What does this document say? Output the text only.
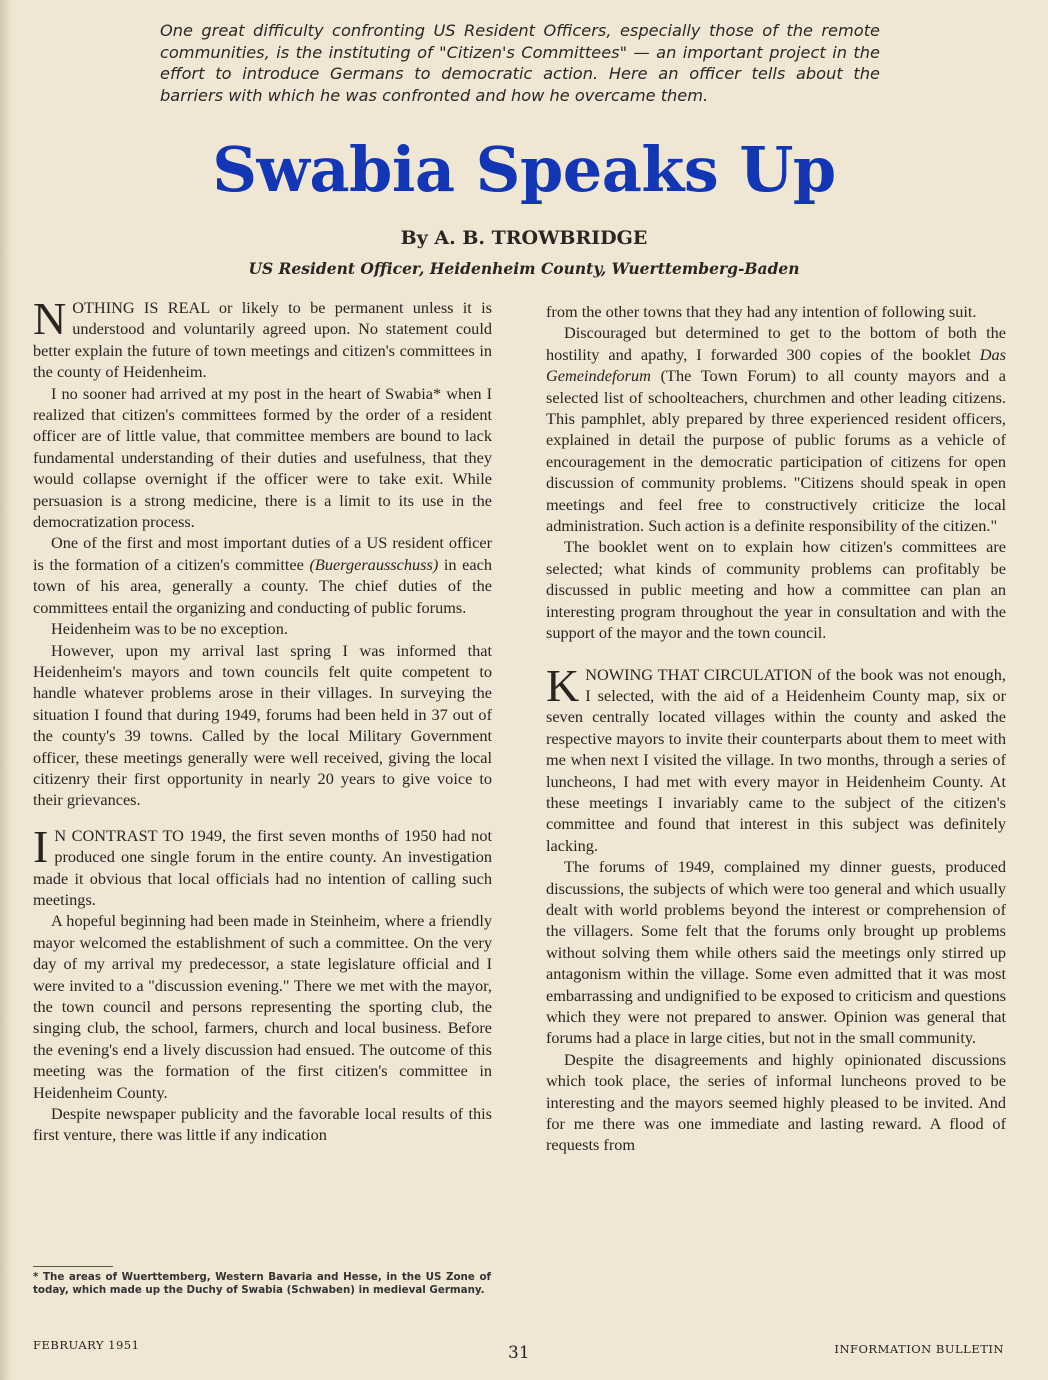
One great difficulty confronting US Resident Officers, especially those of the remote communities, is the instituting of "Citizen's Committees" — an important project in the effort to introduce Germans to democratic action. Here an officer tells about the barriers with which he was confronted and how he overcame them.
Swabia Speaks Up
By A. B. TROWBRIDGE
US Resident Officer, Heidenheim County, Wuerttemberg-Baden

NOTHING IS REAL or likely to be permanent unless it is understood and voluntarily agreed upon. No statement could better explain the future of town meetings and citizen's committees in the county of Heidenheim.

I no sooner had arrived at my post in the heart of Swabia* when I realized that citizen's committees formed by the order of a resident officer are of little value, that committee members are bound to lack fundamental understanding of their duties and usefulness, that they would collapse overnight if the officer were to take exit. While persuasion is a strong medicine, there is a limit to its use in the democratization process.

One of the first and most important duties of a US resident officer is the formation of a citizen's committee (Buergerausschuss) in each town of his area, generally a county. The chief duties of the committees entail the organizing and conducting of public forums.

Heidenheim was to be no exception.

However, upon my arrival last spring I was informed that Heidenheim's mayors and town councils felt quite competent to handle whatever problems arose in their villages. In surveying the situation I found that during 1949, forums had been held in 37 out of the county's 39 towns. Called by the local Military Government officer, these meetings generally were well received, giving the local citizenry their first opportunity in nearly 20 years to give voice to their grievances.

I N CONTRAST TO 1949, the first seven months of 1950 had not produced one single forum in the entire county. An investigation made it obvious that local officials had no intention of calling such meetings.

A hopeful beginning had been made in Steinheim, where a friendly mayor welcomed the establishment of such a committee. On the very day of my arrival my predecessor, a state legislature official and I were invited to a "discussion evening." There we met with the mayor, the town council and persons representing the sporting club, the singing club, the school, farmers, church and local business. Before the evening's end a lively discussion had ensued. The outcome of this meeting was the formation of the first citizen's committee in Heidenheim County.

Despite newspaper publicity and the favorable local results of this first venture, there was little if any indication

* The areas of Wuerttemberg, Western Bavaria and Hesse, in the US Zone of today, which made up the Duchy of Swabia (Schwaben) in medieval Germany.

from the other towns that they had any intention of following suit.

Discouraged but determined to get to the bottom of both the hostility and apathy, I forwarded 300 copies of the booklet Das Gemeindeforum (The Town Forum) to all county mayors and a selected list of schoolteachers, churchmen and other leading citizens. This pamphlet, ably prepared by three experienced resident officers, explained in detail the purpose of public forums as a vehicle of encouragement in the democratic participation of citizens for open discussion of community problems. "Citizens should speak in open meetings and feel free to constructively criticize the local administration. Such action is a definite responsibility of the citizen."

The booklet went on to explain how citizen's committees are selected; what kinds of community problems can profitably be discussed in public meeting and how a committee can plan an interesting program throughout the year in consultation and with the support of the mayor and the town council.

KNOWING THAT CIRCULATION of the book was not enough, I selected, with the aid of a Heidenheim County map, six or seven centrally located villages within the county and asked the respective mayors to invite their counterparts about them to meet with me when next I visited the village. In two months, through a series of luncheons, I had met with every mayor in Heidenheim County. At these meetings I invariably came to the subject of the citizen's committee and found that interest in this subject was definitely lacking.

The forums of 1949, complained my dinner guests, produced discussions, the subjects of which were too general and which usually dealt with world problems beyond the interest or comprehension of the villagers. Some felt that the forums only brought up problems without solving them while others said the meetings only stirred up antagonism within the village. Some even admitted that it was most embarrassing and undignified to be exposed to criticism and questions which they were not prepared to answer. Opinion was general that forums had a place in large cities, but not in the small community.

Despite the disagreements and highly opinionated discussions which took place, the series of informal luncheons proved to be interesting and the mayors seemed highly pleased to be invited. And for me there was one immediate and lasting reward. A flood of requests from

FEBRUARY 1951	31	INFORMATION BULLETIN
